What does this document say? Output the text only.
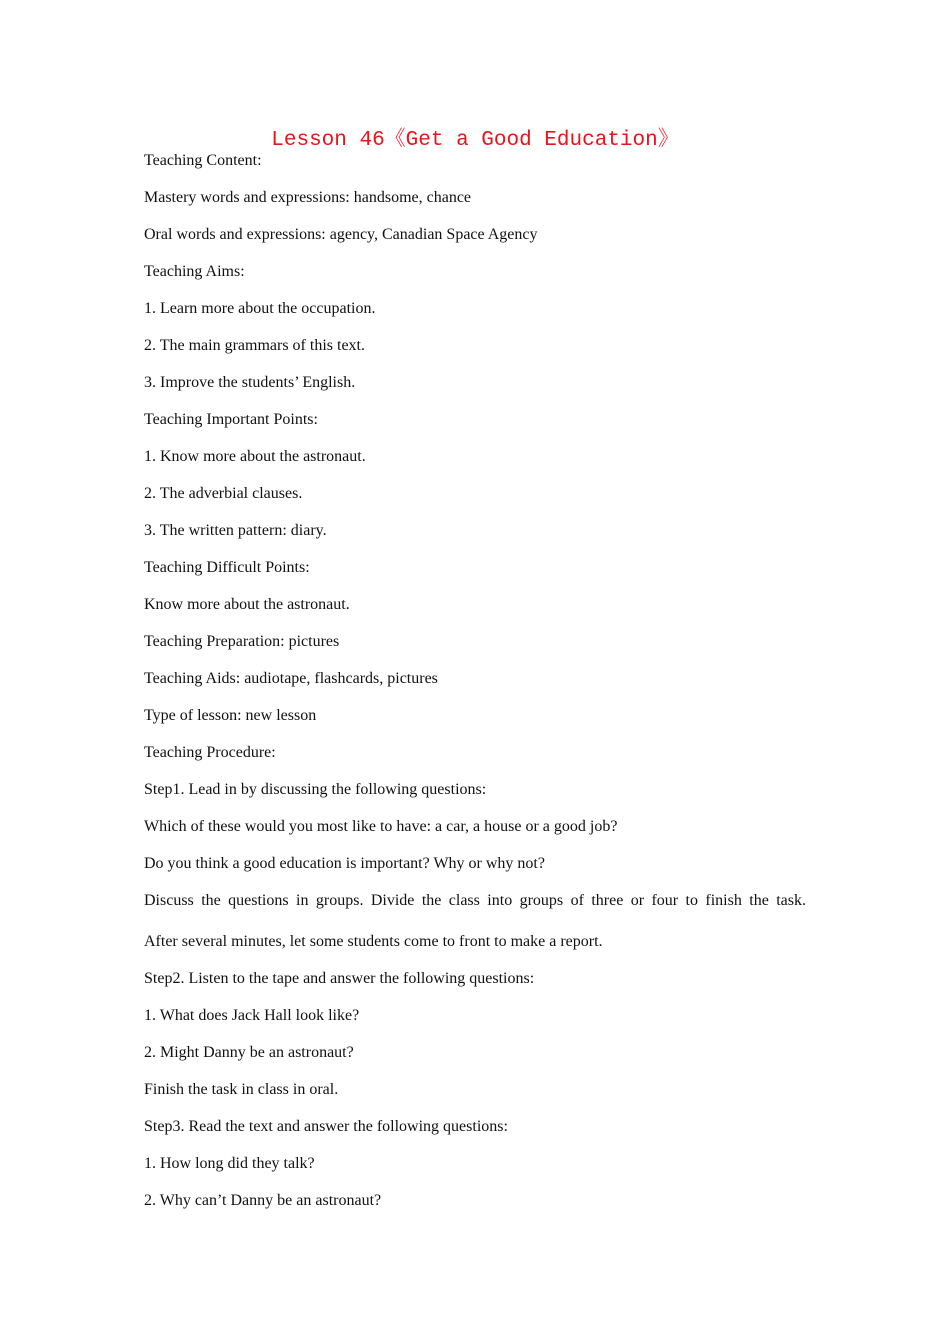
Lesson 46《Get a Good Education》
Teaching Content:
Mastery words and expressions: handsome, chance
Oral words and expressions: agency, Canadian Space Agency
Teaching Aims:
1. Learn more about the occupation.
2. The main grammars of this text.
3. Improve the students’ English.
Teaching Important Points:
1. Know more about the astronaut.
2. The adverbial clauses.
3. The written pattern: diary.
Teaching Difficult Points:
Know more about the astronaut.
Teaching Preparation: pictures
Teaching Aids: audiotape, flashcards, pictures
Type of lesson: new lesson
Teaching Procedure:
Step1. Lead in by discussing the following questions:
Which of these would you most like to have: a car, a house or a good job?
Do you think a good education is important? Why or why not?
Discuss the questions in groups. Divide the class into groups of three or four to finish the task.
After several minutes, let some students come to front to make a report.
Step2. Listen to the tape and answer the following questions:
1. What does Jack Hall look like?
2. Might Danny be an astronaut?
Finish the task in class in oral.
Step3. Read the text and answer the following questions:
1. How long did they talk?
2. Why can’t Danny be an astronaut?
